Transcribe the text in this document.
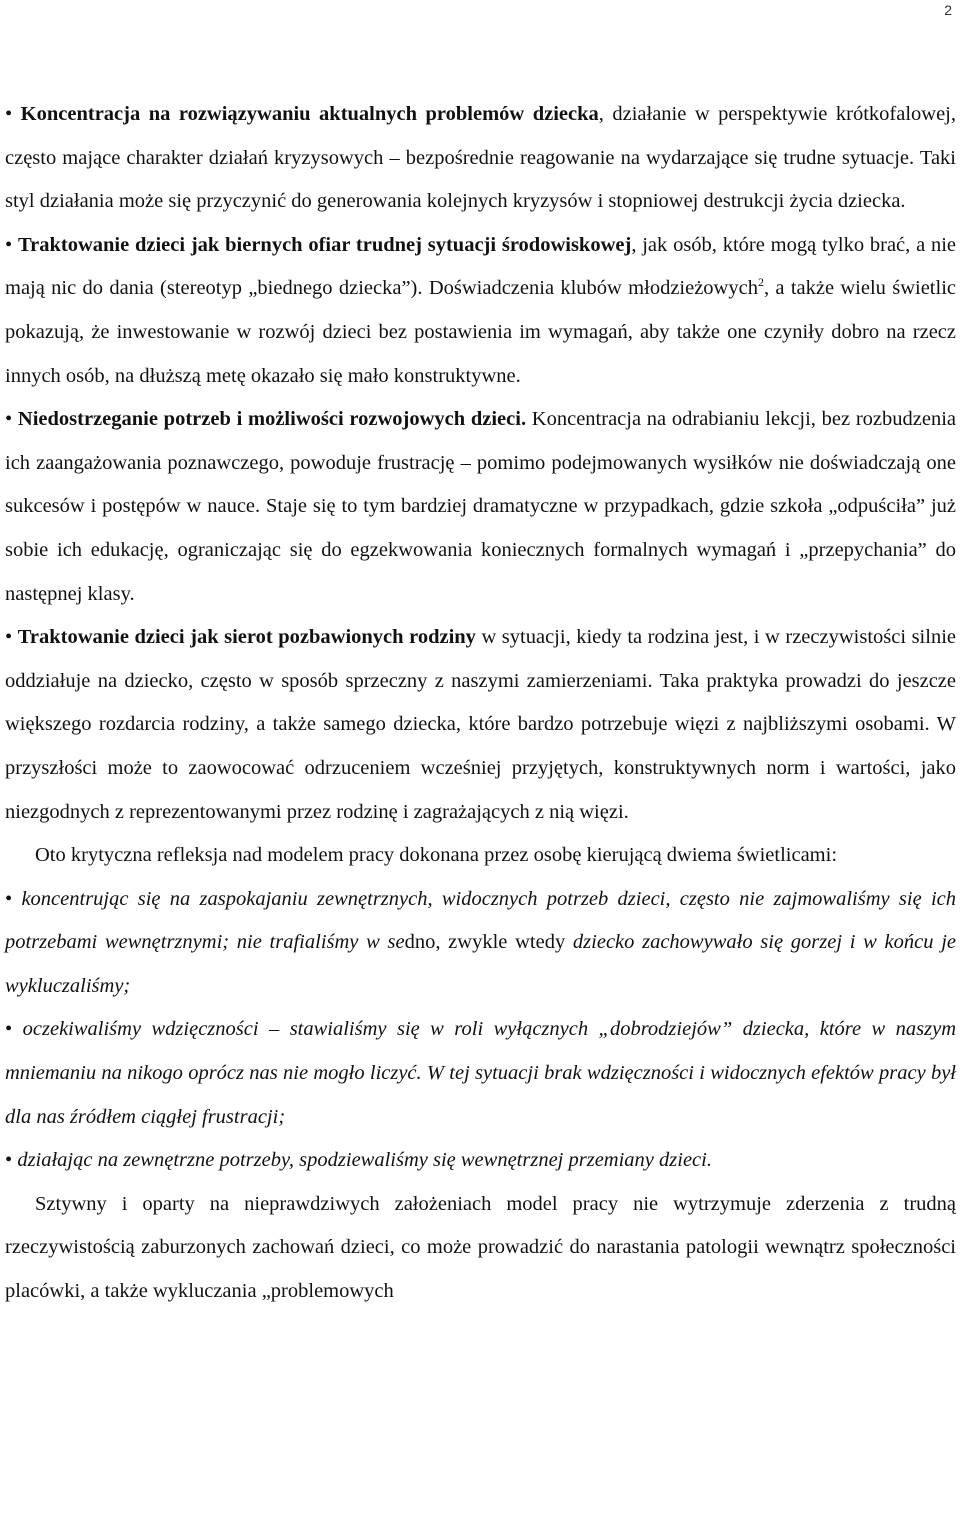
2

• Koncentracja na rozwiązywaniu aktualnych problemów dziecka, działanie w perspektywie krótkofalowej, często mające charakter działań kryzysowych – bezpośrednie reagowanie na wydarzające się trudne sytuacje. Taki styl działania może się przyczynić do generowania kolejnych kryzysów i stopniowej destrukcji życia dziecka.

• Traktowanie dzieci jak biernych ofiar trudnej sytuacji środowiskowej, jak osób, które mogą tylko brać, a nie mają nic do dania (stereotyp „biednego dziecka”). Doświadczenia klubów młodzieżowych$^2$, a także wielu świetlic pokazują, że inwestowanie w rozwój dzieci bez postawienia im wymagań, aby także one czyniły dobro na rzecz innych osób, na dłuższą metę okazało się mało konstruktywne.

• Niedostrzeganie potrzeb i możliwości rozwojowych dzieci. Koncentracja na odrabianiu lekcji, bez rozbudzenia ich zaangażowania poznawczego, powoduje frustrację – pomimo podejmowanych wysiłków nie doświadczają one sukcesów i postępów w nauce. Staje się to tym bardziej dramatyczne w przypadkach, gdzie szkoła „odpuściła” już sobie ich edukację, ograniczając się do egzekwowania koniecznych formalnych wymagań i „przepychania” do następnej klasy.

• Traktowanie dzieci jak sierot pozbawionych rodziny w sytuacji, kiedy ta rodzina jest, i w rzeczywistości silnie oddziałuje na dziecko, często w sposób sprzeczny z naszymi zamierzeniami. Taka praktyka prowadzi do jeszcze większego rozdarcia rodziny, a także samego dziecka, które bardzo potrzebuje więzi z najbliższymi osobami. W przyszłości może to zaowocować odrzuceniem wcześniej przyjętych, konstruktywnych norm i wartości, jako niezgodnych z reprezentowanymi przez rodzinę i zagrażających z nią więzi.

Oto krytyczna refleksja nad modelem pracy dokonana przez osobę kierującą dwiema świetlicami:

• koncentrując się na zaspokajaniu zewnętrznych, widocznych potrzeb dzieci, często nie zajmowaliśmy się ich potrzebami wewnętrznymi; nie trafialiśmy w sedno, zwykle wtedy dziecko zachowywało się gorzej i w końcu je wykluczaliśmy;

• oczekiwaliśmy wdzięczności – stawialiśmy się w roli wyłącznych „dobrodziejów” dziecka, które w naszym mniemaniu na nikogo oprócz nas nie mogło liczyć. W tej sytuacji brak wdzięczności i widocznych efektów pracy był dla nas źródłem ciągłej frustracji;

• działając na zewnętrzne potrzeby, spodziewaliśmy się wewnętrznej przemiany dzieci.

Sztywny i oparty na nieprawdziwych założeniach model pracy nie wytrzymuje zderzenia z trudną rzeczywistością zaburzonych zachowań dzieci, co może prowadzić do narastania patologii wewnątrz społeczności placówki, a także wykluczania „problemowych
